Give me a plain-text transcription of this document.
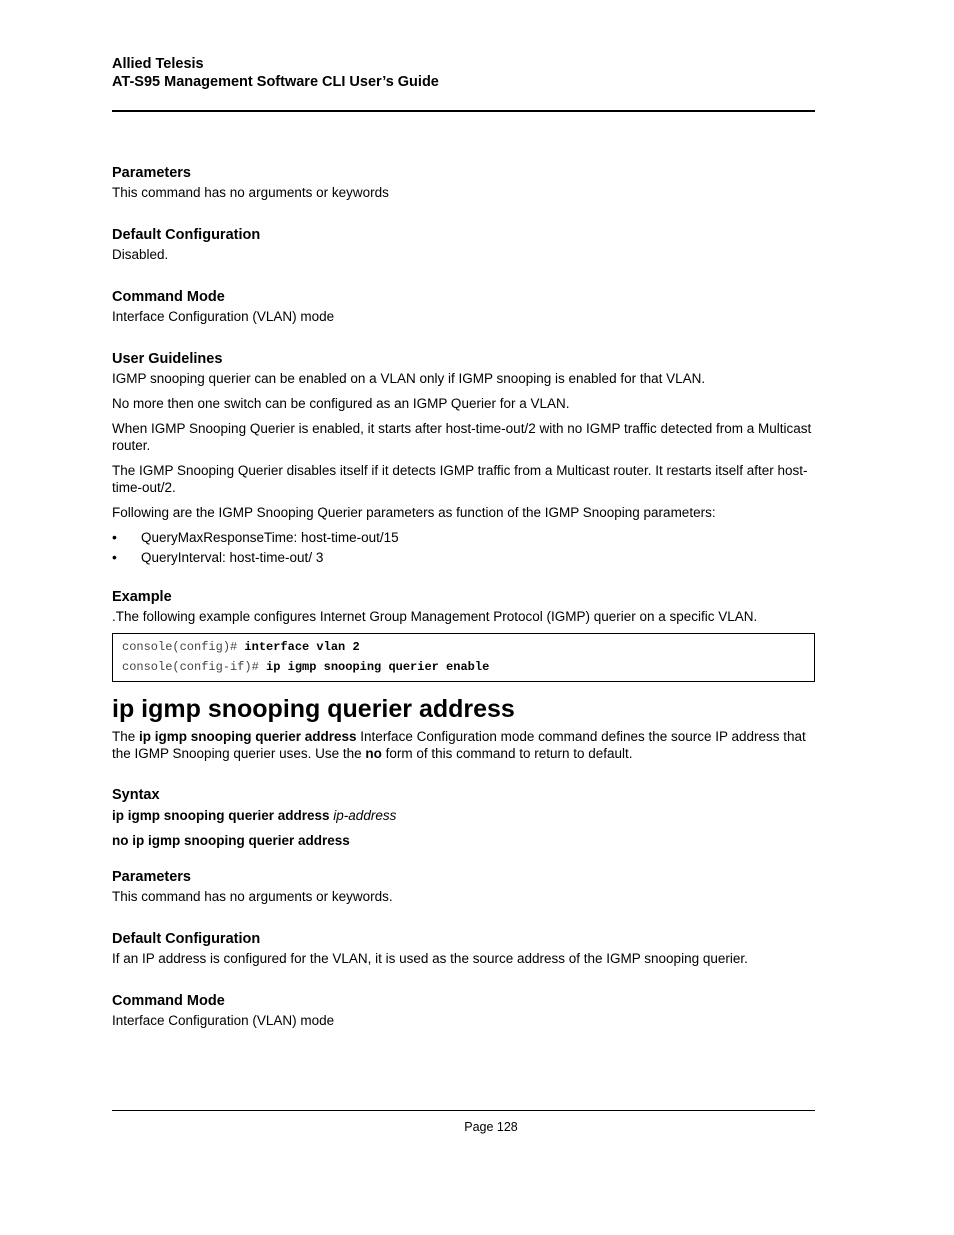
Allied Telesis
AT-S95 Management Software CLI User’s Guide
Parameters

This command has no arguments or keywords

Default Configuration

Disabled.

Command Mode

Interface Configuration (VLAN) mode

User Guidelines

IGMP snooping querier can be enabled on a VLAN only if IGMP snooping is enabled for that VLAN.

No more then one switch can be configured as an IGMP Querier for a VLAN.

When IGMP Snooping Querier is enabled, it starts after host-time-out/2 with no IGMP traffic detected from a Multicast router.

The IGMP Snooping Querier disables itself if it detects IGMP traffic from a Multicast router. It restarts itself after host-time-out/2.

Following are the IGMP Snooping Querier parameters as function of the IGMP Snooping parameters:

• QueryMaxResponseTime: host-time-out/15
• QueryInterval: host-time-out/ 3
Example

.The following example configures Internet Group Management Protocol (IGMP) querier on a specific VLAN.

console(config)# interface vlan 2
console(config-if)# ip igmp snooping querier enable
ip igmp snooping querier address

The ip igmp snooping querier address Interface Configuration mode command defines the source IP address that the IGMP Snooping querier uses. Use the no form of this command to return to default.

Syntax
ip igmp snooping querier address ip-address
no ip igmp snooping querier address
Parameters

This command has no arguments or keywords.

Default Configuration

If an IP address is configured for the VLAN, it is used as the source address of the IGMP snooping querier.

Command Mode

Interface Configuration (VLAN) mode

Page 128
